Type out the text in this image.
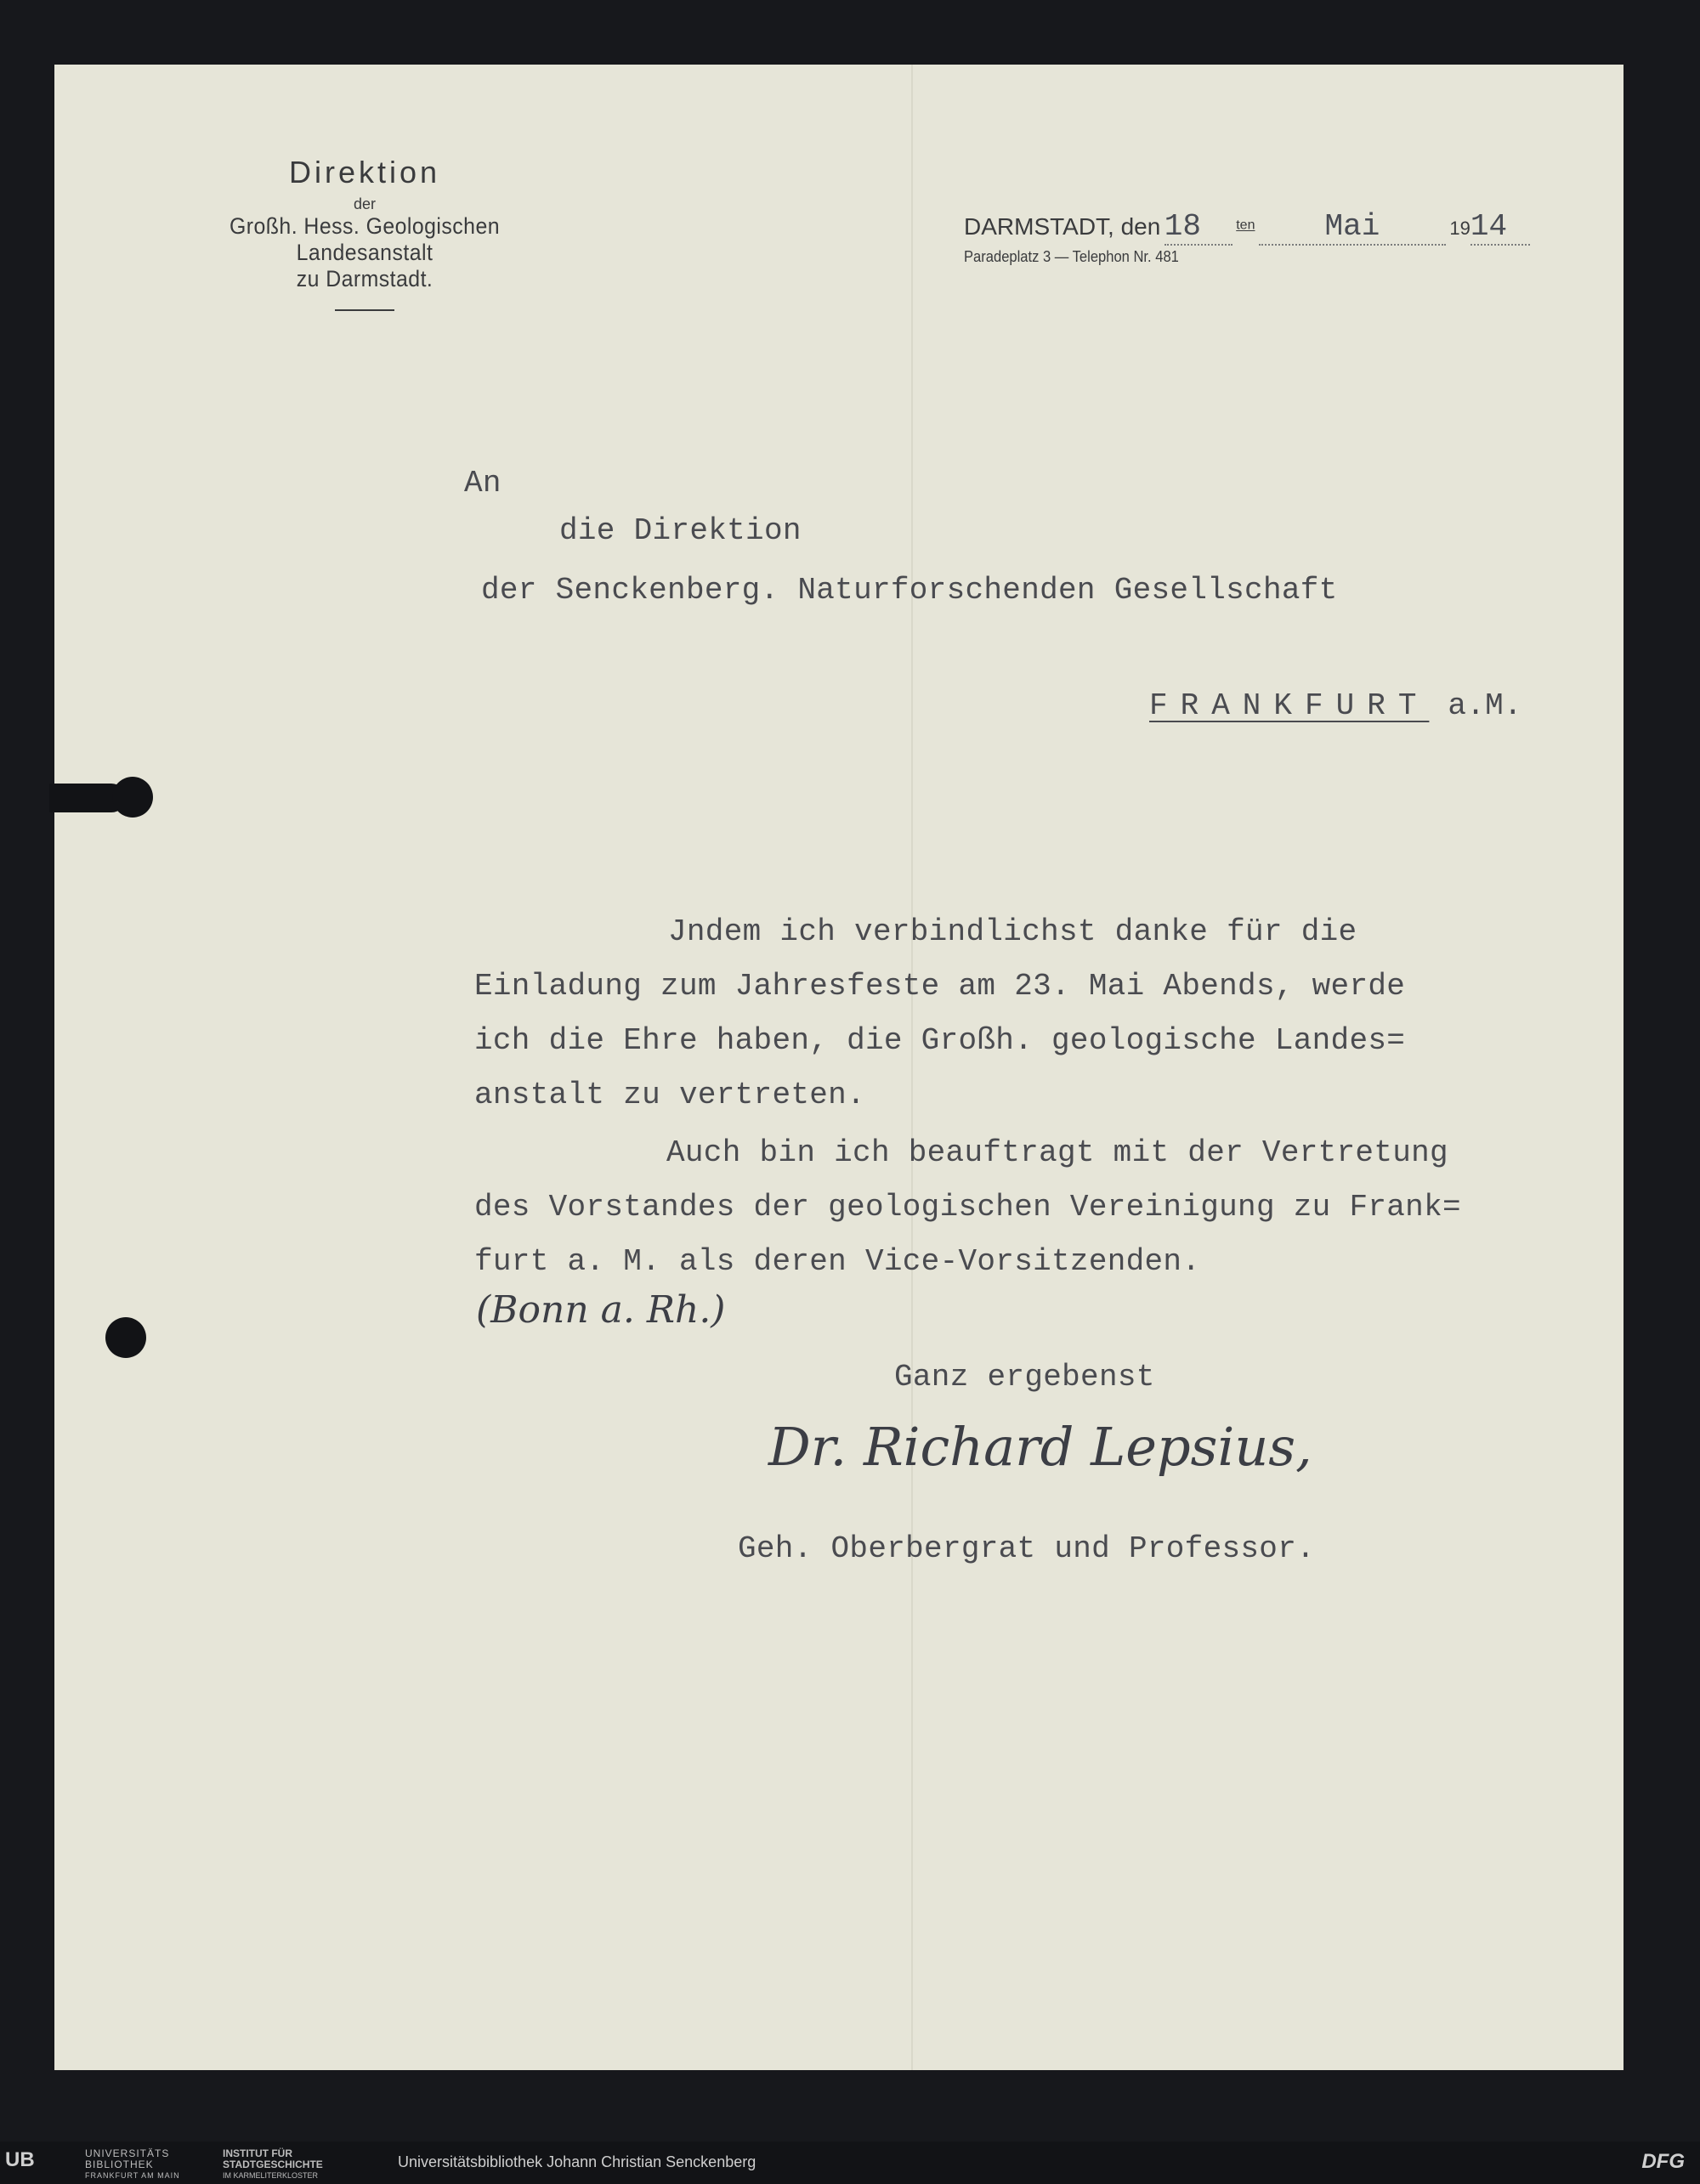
Direktion
der
Großh. Hess. Geologischen Landesanstalt
zu Darmstadt.
DARMSTADT, den 18	ten Mai	1914
Paradeplatz 3 — Telephon Nr. 481
An
die Direktion
der Senckenberg. Naturforschenden Gesellschaft
FRANKFURT a.M.
Jndem ich verbindlichst danke für die
Einladung zum Jahresfeste am 23. Mai Abends, werde
ich die Ehre haben, die Großh. geologische Landes=
anstalt zu vertreten.
Auch bin ich beauftragt mit der Vertretung
des Vorstandes der geologischen Vereinigung zu Frank=
furt a. M. als deren Vice-Vorsitzenden.
(Bonn a. Rh.)
Ganz ergebenst
Dr. Richard Lepsius,
Geh. Oberbergrat und Professor.
UB	UNIVERSITÄTS
BIBLIOTHEK
FRANKFURT AM MAIN
INSTITUT FÜR
STADTGESCHICHTE
IM KARMELITERKLOSTER
Universitätsbibliothek Johann Christian Senckenberg	DFG
